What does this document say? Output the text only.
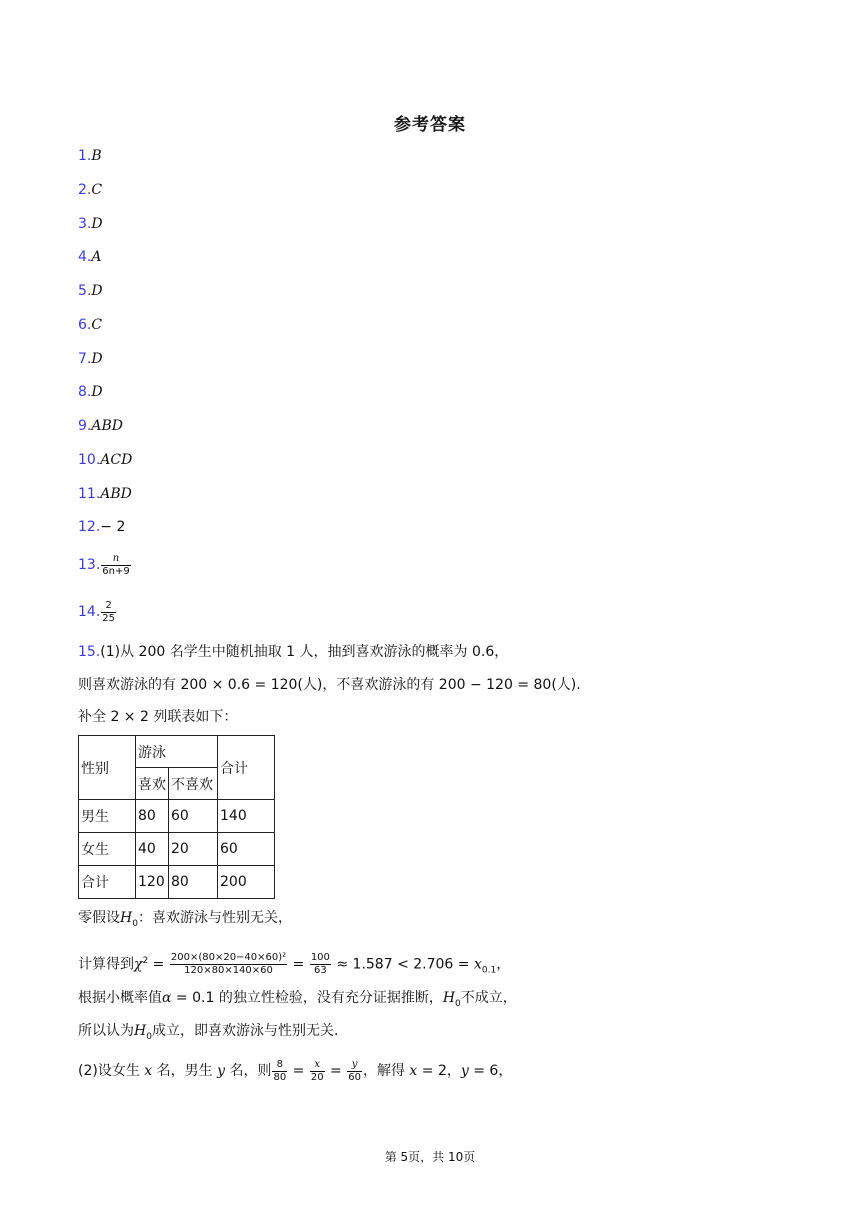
参考答案
1.B
2.C
3.D
4.A
5.D
6.C
7.D
8.D
9.ABD
10.ACD
11.ABD
12.− 2
13. $\frac{n}{6n+9}$
14. $\frac{2}{25}$
15.(1)从 200 名学生中随机抽取 1 人，抽到喜欢游泳的概率为 0.6，
则喜欢游泳的有 200 × 0.6 = 120(人)，不喜欢游泳的有 200 − 120 = 80(人).
补全 2 × 2 列联表如下：
性别	游泳		合计
	喜欢	不喜欢	
男生	80	60	140
女生	40	20	60
合计	120	80	200
零假设$H_0$：喜欢游泳与性别无关，
计算得到$\chi^2 = \frac{\text{200×(80×20−40×60)²}}{120\times 80\times 140\times 60} = \frac{100}{63} \approx 1.587 < 2.706 = x_{0.1}$，
根据小概率值α = 0.1 的独立性检验，没有充分证据推断，$H_0$不成立，
所以认为$H_0$成立，即喜欢游泳与性别无关.
(2)设女生 x 名，男生 y 名，则 $\frac{8}{80} = \frac{x}{20} = \frac{y}{60}$ ，解得 x = 2，y = 6，
第 5页，共 10页
